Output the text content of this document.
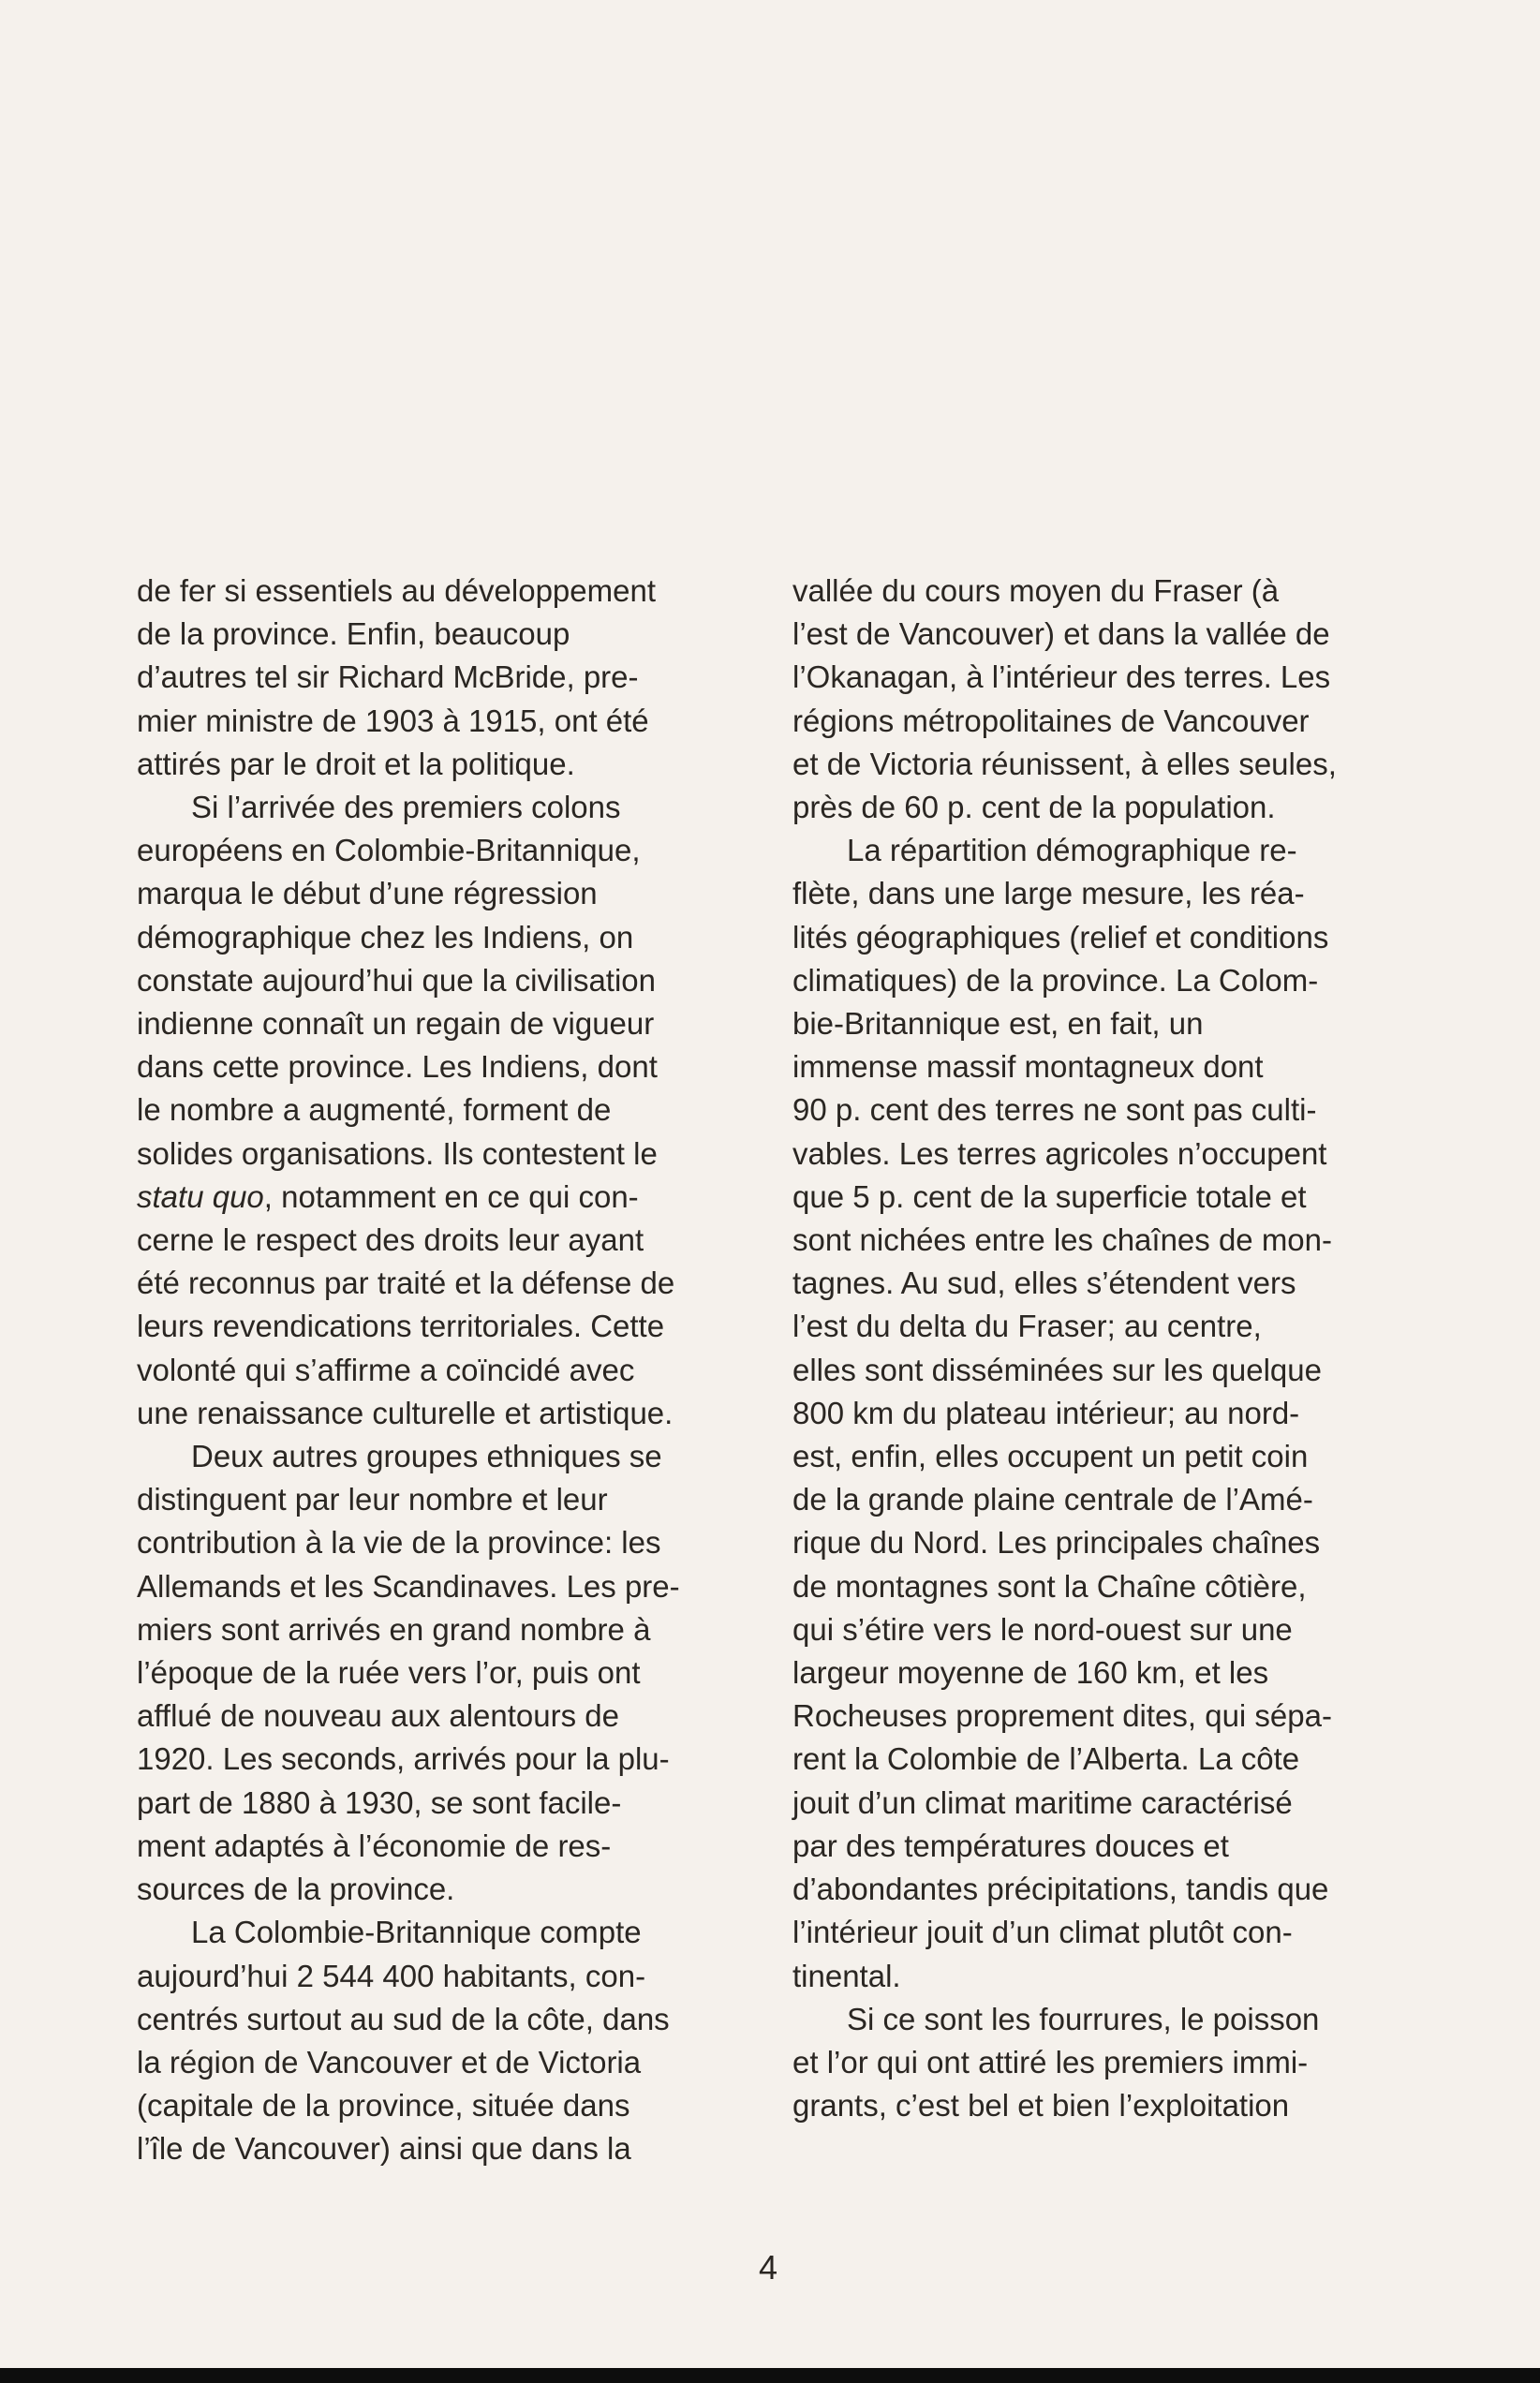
de fer si essentiels au développement
de la province. Enfin, beaucoup
d’autres tel sir Richard McBride, pre-
mier ministre de 1903 à 1915, ont été
attirés par le droit et la politique.
Si l’arrivée des premiers colons
européens en Colombie-Britannique,
marqua le début d’une régression
démographique chez les Indiens, on
constate aujourd’hui que la civilisation
indienne connaît un regain de vigueur
dans cette province. Les Indiens, dont
le nombre a augmenté, forment de
solides organisations. Ils contestent le
statu quo, notamment en ce qui con-
cerne le respect des droits leur ayant
été reconnus par traité et la défense de
leurs revendications territoriales. Cette
volonté qui s’affirme a coïncidé avec
une renaissance culturelle et artistique.
Deux autres groupes ethniques se
distinguent par leur nombre et leur
contribution à la vie de la province: les
Allemands et les Scandinaves. Les pre-
miers sont arrivés en grand nombre à
l’époque de la ruée vers l’or, puis ont
afflué de nouveau aux alentours de
1920. Les seconds, arrivés pour la plu-
part de 1880 à 1930, se sont facile-
ment adaptés à l’économie de res-
sources de la province.
La Colombie-Britannique compte
aujourd’hui 2 544 400 habitants, con-
centrés surtout au sud de la côte, dans
la région de Vancouver et de Victoria
(capitale de la province, située dans
l’île de Vancouver) ainsi que dans la
vallée du cours moyen du Fraser (à
l’est de Vancouver) et dans la vallée de
l’Okanagan, à l’intérieur des terres. Les
régions métropolitaines de Vancouver
et de Victoria réunissent, à elles seules,
près de 60 p. cent de la population.
La répartition démographique re-
flète, dans une large mesure, les réa-
lités géographiques (relief et conditions
climatiques) de la province. La Colom-
bie-Britannique est, en fait, un
immense massif montagneux dont
90 p. cent des terres ne sont pas culti-
vables. Les terres agricoles n’occupent
que 5 p. cent de la superficie totale et
sont nichées entre les chaînes de mon-
tagnes. Au sud, elles s’étendent vers
l’est du delta du Fraser; au centre,
elles sont disséminées sur les quelque
800 km du plateau intérieur; au nord-
est, enfin, elles occupent un petit coin
de la grande plaine centrale de l’Amé-
rique du Nord. Les principales chaînes
de montagnes sont la Chaîne côtière,
qui s’étire vers le nord-ouest sur une
largeur moyenne de 160 km, et les
Rocheuses proprement dites, qui sépa-
rent la Colombie de l’Alberta. La côte
jouit d’un climat maritime caractérisé
par des températures douces et
d’abondantes précipitations, tandis que
l’intérieur jouit d’un climat plutôt con-
tinental.
Si ce sont les fourrures, le poisson
et l’or qui ont attiré les premiers immi-
grants, c’est bel et bien l’exploitation
4
